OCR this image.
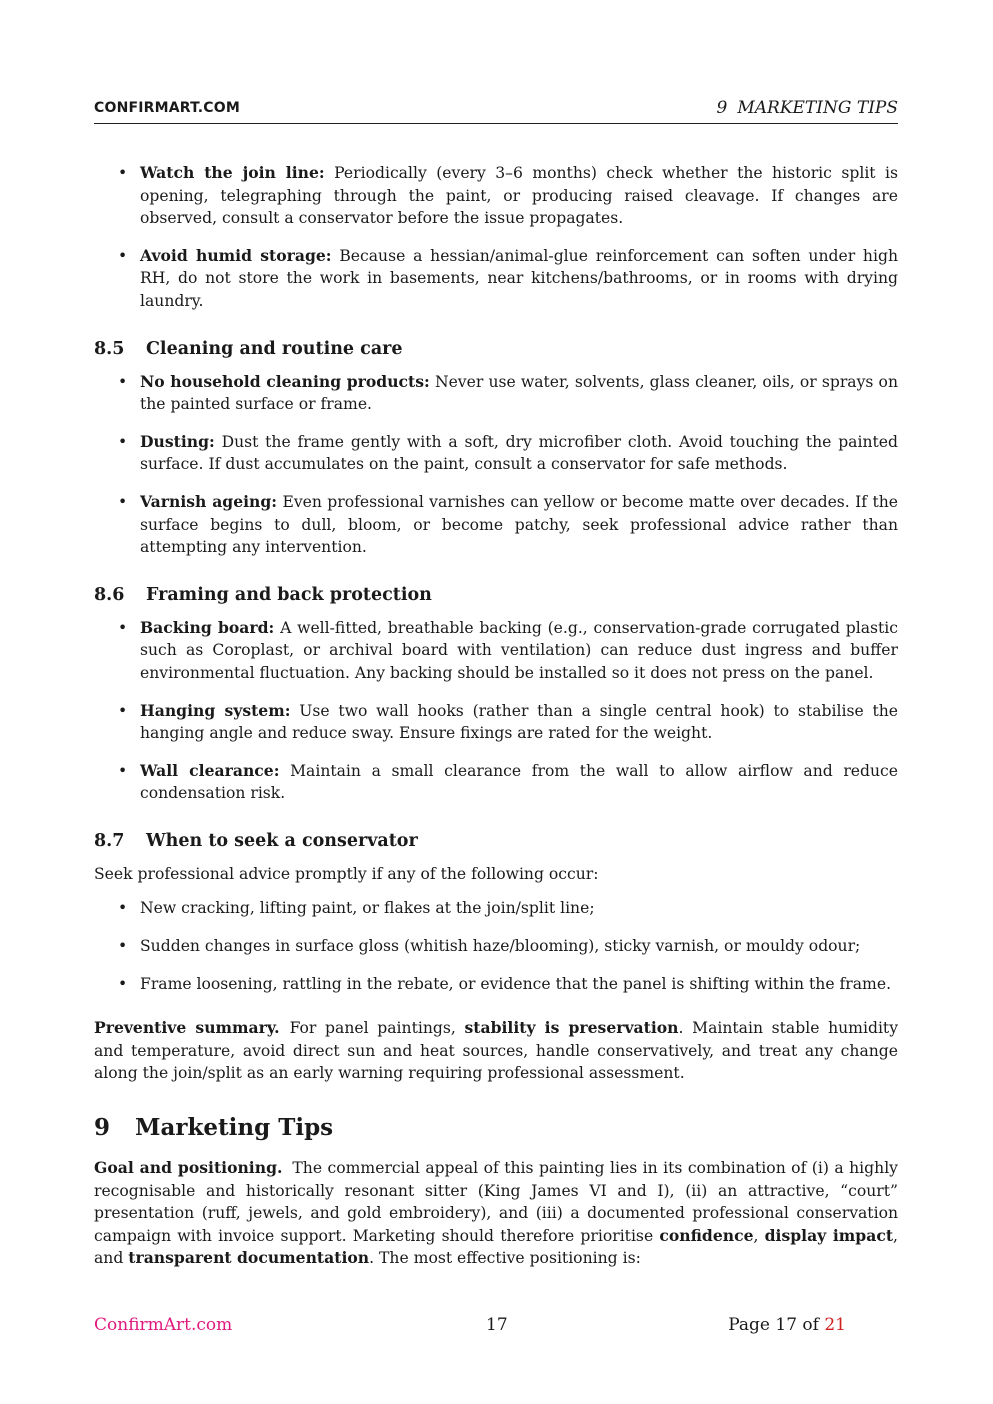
CONFIRMART.COM	9 MARKETING TIPS
• Watch the join line: Periodically (every 3–6 months) check whether the historic split is opening, telegraphing through the paint, or producing raised cleavage. If changes are observed, consult a conservator before the issue propagates.
• Avoid humid storage: Because a hessian/animal-glue reinforcement can soften under high RH, do not store the work in basements, near kitchens/bathrooms, or in rooms with drying laundry.
8.5 Cleaning and routine care
• No household cleaning products: Never use water, solvents, glass cleaner, oils, or sprays on the painted surface or frame.
• Dusting: Dust the frame gently with a soft, dry microfiber cloth. Avoid touching the painted surface. If dust accumulates on the paint, consult a conservator for safe methods.
• Varnish ageing: Even professional varnishes can yellow or become matte over decades. If the surface begins to dull, bloom, or become patchy, seek professional advice rather than attempting any intervention.
8.6 Framing and back protection
• Backing board: A well-fitted, breathable backing (e.g., conservation-grade corrugated plastic such as Coroplast, or archival board with ventilation) can reduce dust ingress and buffer environmental fluctuation. Any backing should be installed so it does not press on the panel.
• Hanging system: Use two wall hooks (rather than a single central hook) to stabilise the hanging angle and reduce sway. Ensure fixings are rated for the weight.
• Wall clearance: Maintain a small clearance from the wall to allow airflow and reduce condensation risk.
8.7 When to seek a conservator

Seek professional advice promptly if any of the following occur:

• New cracking, lifting paint, or flakes at the join/split line;
• Sudden changes in surface gloss (whitish haze/blooming), sticky varnish, or mouldy odour;
• Frame loosening, rattling in the rebate, or evidence that the panel is shifting within the frame.

Preventive summary. For panel paintings, stability is preservation. Maintain stable humidity and temperature, avoid direct sun and heat sources, handle conservatively, and treat any change along the join/split as an early warning requiring professional assessment.

9 Marketing Tips

Goal and positioning. The commercial appeal of this painting lies in its combination of (i) a highly recognisable and historically resonant sitter (King James VI and I), (ii) an attractive, “court” presentation (ruff, jewels, and gold embroidery), and (iii) a documented professional conservation campaign with invoice support. Marketing should therefore prioritise confidence, display impact, and transparent documentation. The most effective positioning is:

ConfirmArt.com	17	Page 17 of 21
